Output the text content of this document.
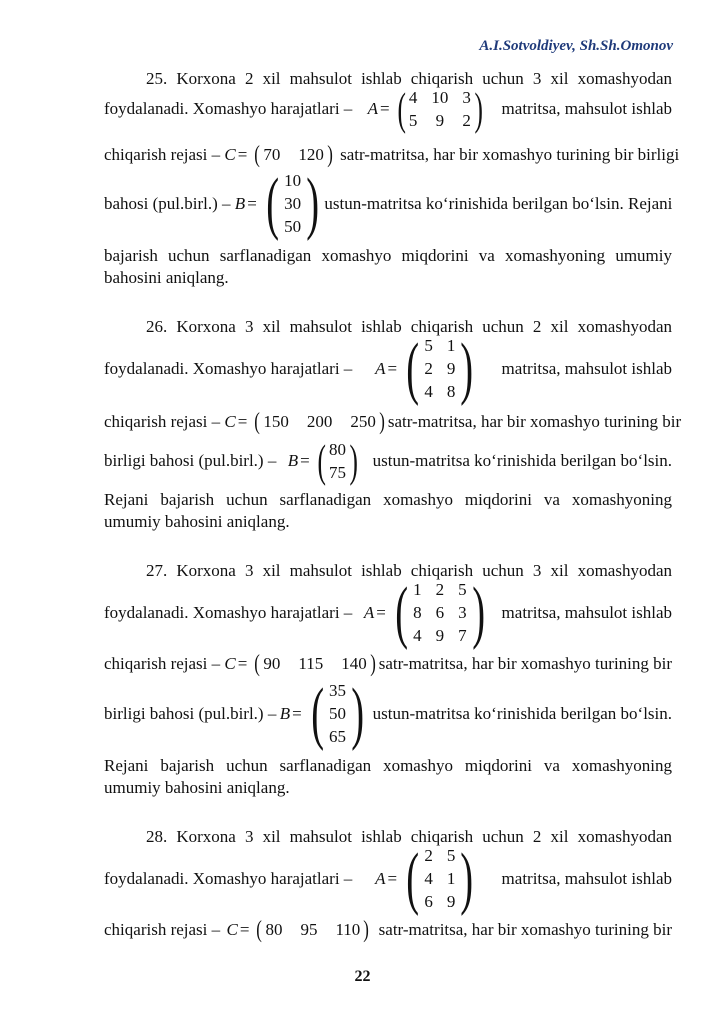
A.I.Sotvoldiyev, Sh.Sh.Omonov
25. Korxona 2 xil mahsulot ishlab chiqarish uchun 3 xil xomashyodan
foydalanadi. Xomashyo harajatlari – A = ( 4 10 3
5 9 2 ) matritsa, mahsulot ishlab
chiqarish rejasi –
C = ( 70 120 )
satr-matritsa, har bir xomashyo turining bir birligi
bahosi (pul.birl.) –
B = ( 10
30
50 ) ustun-matritsa ko‘rinishida berilgan bo‘lsin. Rejani
bajarish uchun sarflanadigan xomashyo miqdorini va xomashyoning umumiy
bahosini aniqlang.
26. Korxona 3 xil mahsulot ishlab chiqarish uchun 2 xil xomashyodan
foydalanadi. Xomashyo harajatlari – A = ( 5 1
2 9
4 8 ) matritsa, mahsulot ishlab
chiqarish rejasi –
C = ( 150 200 250 ) satr-matritsa, har bir xomashyo turining bir
birligi bahosi (pul.birl.) – B = ( 80
75 ) ustun-matritsa ko‘rinishida berilgan bo‘lsin.
Rejani bajarish uchun sarflanadigan xomashyo miqdorini va xomashyoning
umumiy bahosini aniqlang.
27. Korxona 3 xil mahsulot ishlab chiqarish uchun 3 xil xomashyodan
foydalanadi. Xomashyo harajatlari – A = ( 1 2 5
8 6 3
4 9 7 ) matritsa, mahsulot ishlab
chiqarish rejasi –
C = ( 90 115 140 ) satr-matritsa, har bir xomashyo turining bir
birligi bahosi (pul.birl.) – B = ( 35
50
65 ) ustun-matritsa ko‘rinishida berilgan bo‘lsin.
Rejani bajarish uchun sarflanadigan xomashyo miqdorini va xomashyoning
umumiy bahosini aniqlang.
28. Korxona 3 xil mahsulot ishlab chiqarish uchun 2 xil xomashyodan
foydalanadi. Xomashyo harajatlari – A = ( 2 5
4 1
6 9 ) matritsa, mahsulot ishlab
chiqarish rejasi – C = ( 80 95 110 ) satr-matritsa, har bir xomashyo turining bir
22
